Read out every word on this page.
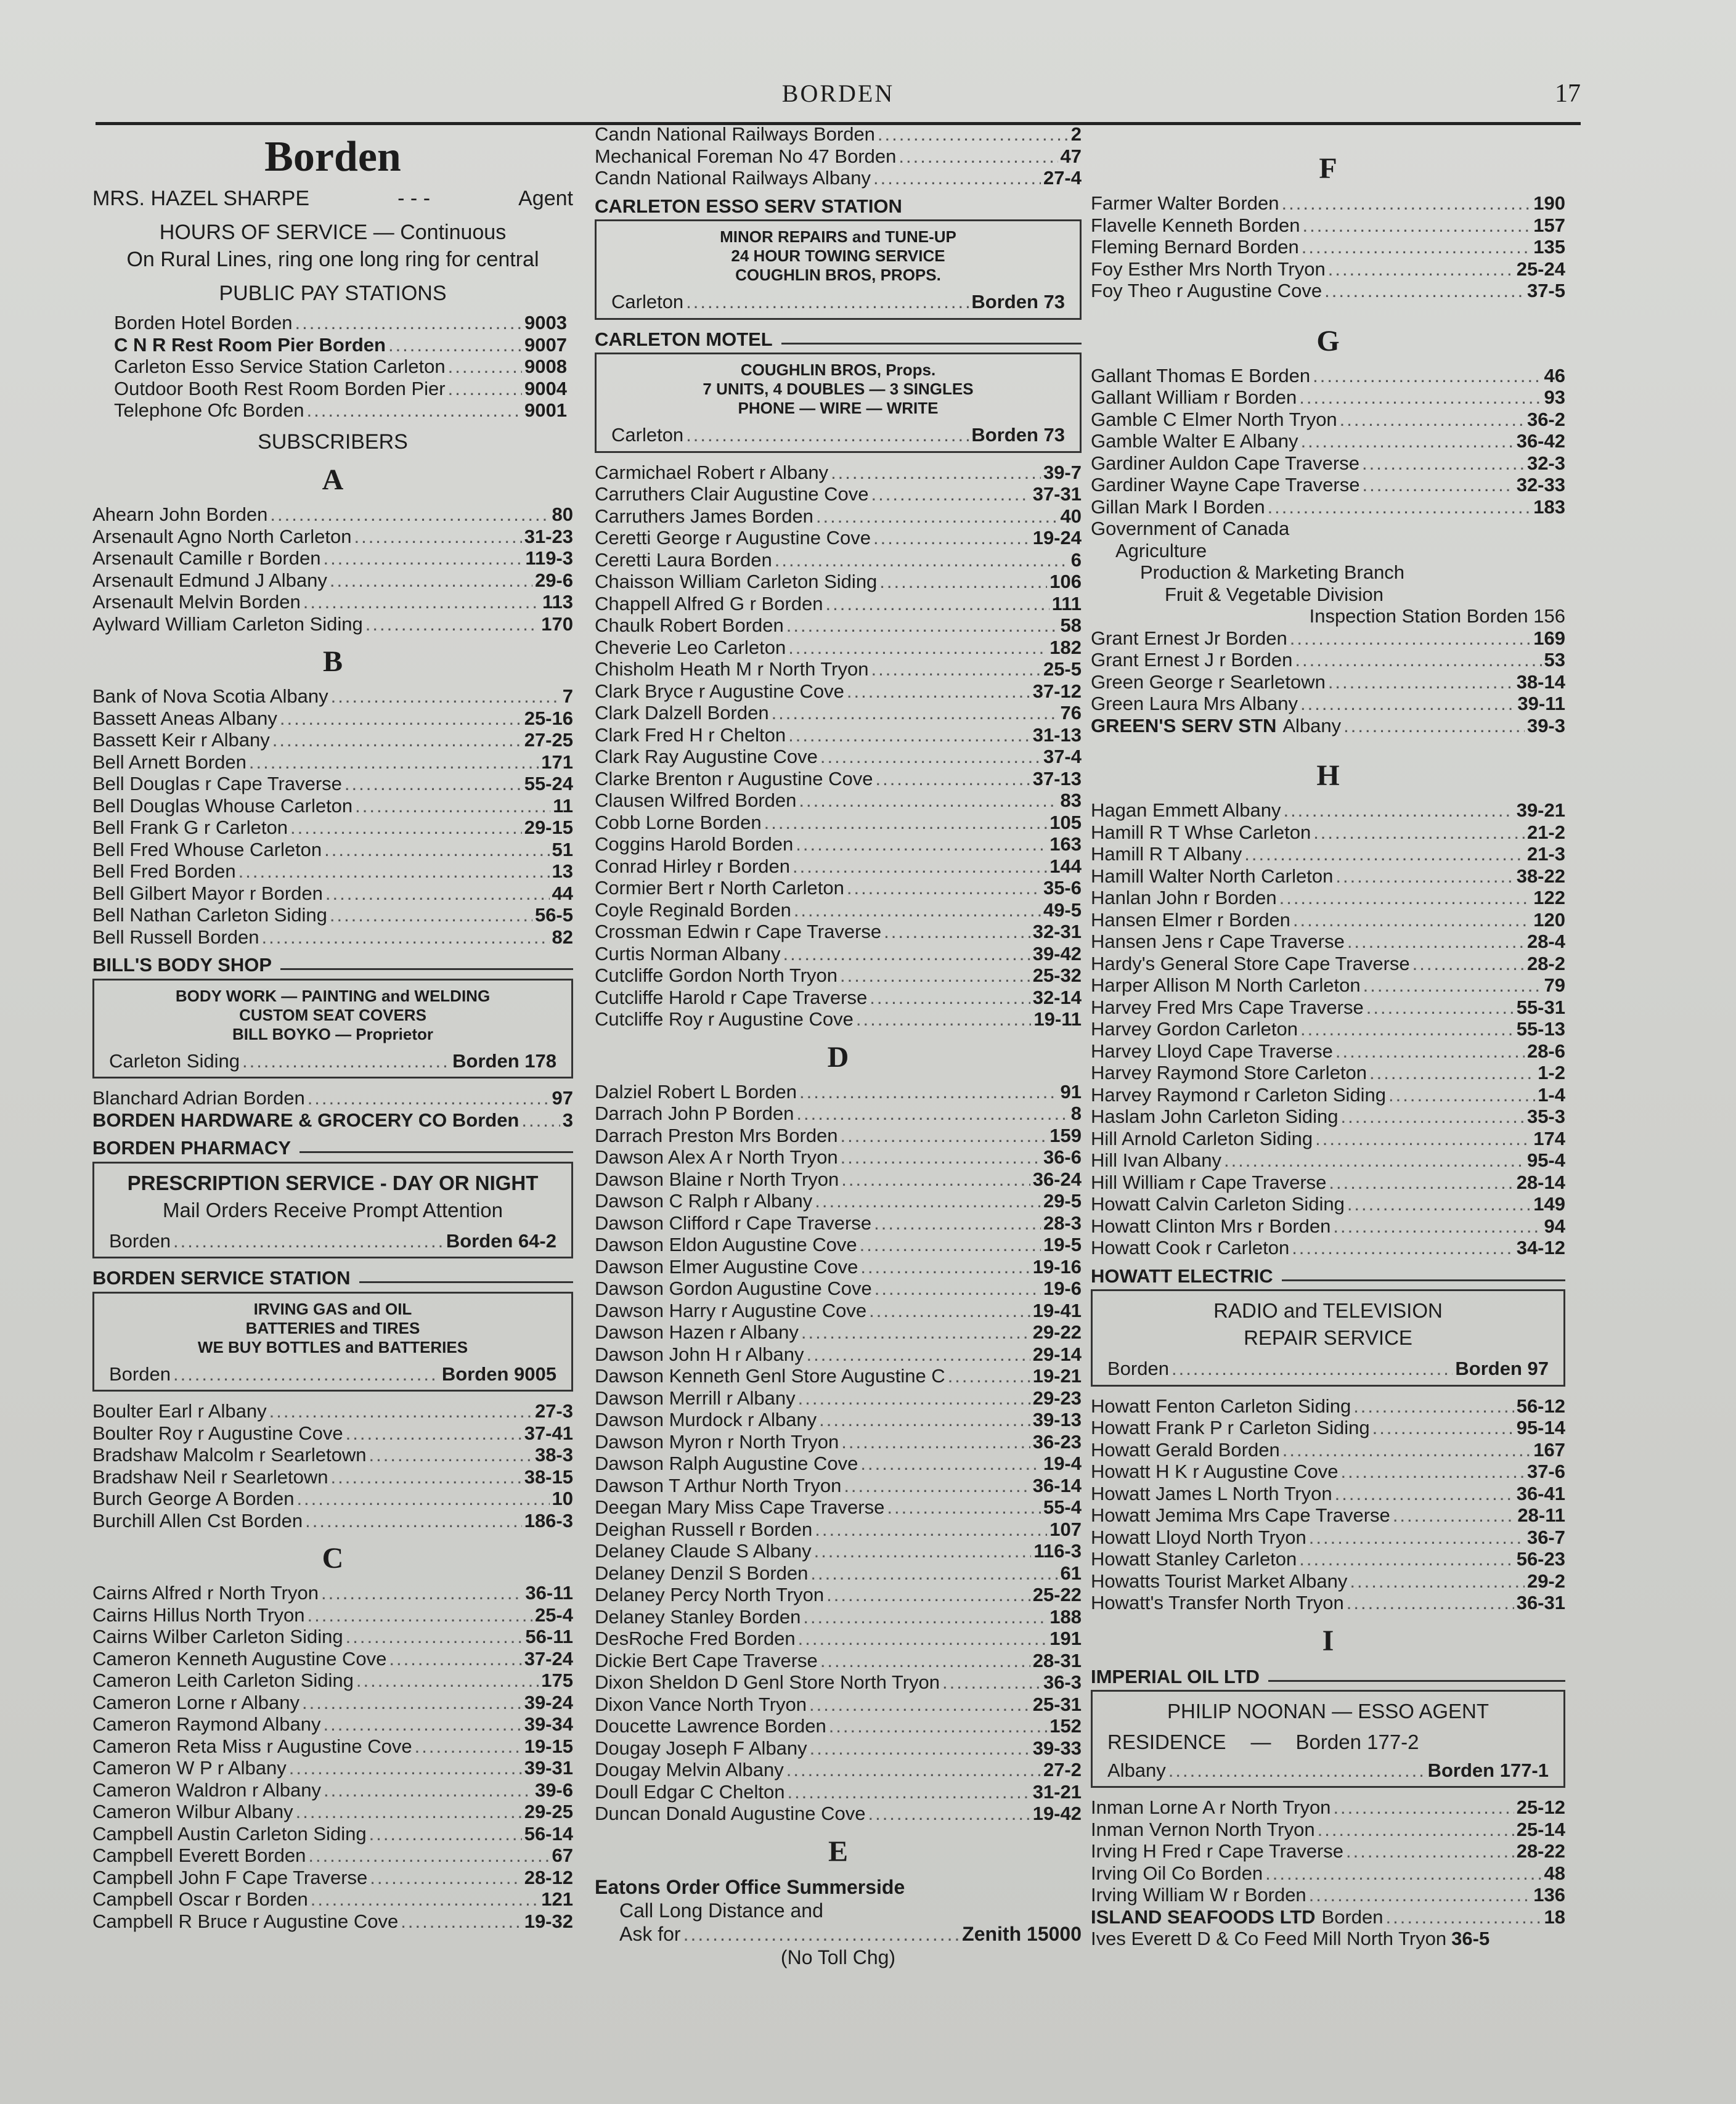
BORDEN	17
Borden
MRS. HAZEL SHARPE	- - -	Agent
HOURS OF SERVICE — Continuous
On Rural Lines, ring one long ring for central
PUBLIC PAY STATIONS
Borden Hotel Borden .....	9003
C N R Rest Room Pier Borden .....	9007
Carleton Esso Service Station Carleton .....	9008
Outdoor Booth Rest Room Borden Pier .....	9004
Telephone Ofc Borden .....	9001
SUBSCRIBERS
A
Ahearn John Borden .....	80
Arsenault Agno North Carleton .....	31-23
Arsenault Camille r Borden .....	119-3
Arsenault Edmund J Albany .....	29-6
Arsenault Melvin Borden .....	113
Aylward William Carleton Siding .....	170
B
Bank of Nova Scotia Albany .....	7
Bassett Aneas Albany .....	25-16
Bassett Keir r Albany .....	27-25
Bell Arnett Borden .....	171
Bell Douglas r Cape Traverse .....	55-24
Bell Douglas Whouse Carleton .....	11
Bell Frank G r Carleton .....	29-15
Bell Fred Whouse Carleton .....	51
Bell Fred Borden .....	13
Bell Gilbert Mayor r Borden .....	44
Bell Nathan Carleton Siding .....	56-5
Bell Russell Borden .....	82
BILL'S BODY SHOP
BODY WORK — PAINTING and WELDING
CUSTOM SEAT COVERS
BILL BOYKO — Proprietor
Carleton Siding .....	Borden 178
Blanchard Adrian Borden .....	97
BORDEN HARDWARE & GROCERY CO Borden ..... 3
BORDEN PHARMACY
PRESCRIPTION SERVICE - DAY OR NIGHT
Mail Orders Receive Prompt Attention
Borden .....	Borden 64-2
BORDEN SERVICE STATION
IRVING GAS and OIL
BATTERIES and TIRES
WE BUY BOTTLES and BATTERIES
Borden .....	Borden 9005
Boulter Earl r Albany .....	27-3
Boulter Roy r Augustine Cove .....	37-41
Bradshaw Malcolm r Searletown .....	38-3
Bradshaw Neil r Searletown .....	38-15
Burch George A Borden .....	10
Burchill Allen Cst Borden .....	186-3
C
Cairns Alfred r North Tryon .....	36-11
Cairns Hillus North Tryon .....	25-4
Cairns Wilber Carleton Siding .....	56-11
Cameron Kenneth Augustine Cove .....	37-24
Cameron Leith Carleton Siding .....	175
Cameron Lorne r Albany .....	39-24
Cameron Raymond Albany .....	39-34
Cameron Reta Miss r Augustine Cove .....	19-15
Cameron W P r Albany .....	39-31
Cameron Waldron r Albany .....	39-6
Cameron Wilbur Albany .....	29-25
Campbell Austin Carleton Siding .....	56-14
Campbell Everett Borden .....	67
Campbell John F Cape Traverse .....	28-12
Campbell Oscar r Borden .....	121
Campbell R Bruce r Augustine Cove .....	19-32
Candn National Railways Borden .....	2
Mechanical Foreman No 47 Borden .....	47
Candn National Railways Albany .....	27-4
CARLETON ESSO SERV STATION
MINOR REPAIRS and TUNE-UP
24 HOUR TOWING SERVICE
COUGHLIN BROS, PROPS.
Carleton .....	Borden 73
CARLETON MOTEL
COUGHLIN BROS, Props.
7 UNITS, 4 DOUBLES — 3 SINGLES
PHONE — WIRE — WRITE
Carleton .....	Borden 73
Carmichael Robert r Albany .....	39-7
Carruthers Clair Augustine Cove .....	37-31
Carruthers James Borden .....	40
Ceretti George r Augustine Cove .....	19-24
Ceretti Laura Borden .....	6
Chaisson William Carleton Siding .....	106
Chappell Alfred G r Borden .....	111
Chaulk Robert Borden .....	58
Cheverie Leo Carleton .....	182
Chisholm Heath M r North Tryon .....	25-5
Clark Bryce r Augustine Cove .....	37-12
Clark Dalzell Borden .....	76
Clark Fred H r Chelton .....	31-13
Clark Ray Augustine Cove .....	37-4
Clarke Brenton r Augustine Cove .....	37-13
Clausen Wilfred Borden .....	83
Cobb Lorne Borden .....	105
Coggins Harold Borden .....	163
Conrad Hirley r Borden .....	144
Cormier Bert r North Carleton .....	35-6
Coyle Reginald Borden .....	49-5
Crossman Edwin r Cape Traverse .....	32-31
Curtis Norman Albany .....	39-42
Cutcliffe Gordon North Tryon .....	25-32
Cutcliffe Harold r Cape Traverse .....	32-14
Cutcliffe Roy r Augustine Cove .....	19-11
D
Dalziel Robert L Borden .....	91
Darrach John P Borden .....	8
Darrach Preston Mrs Borden .....	159
Dawson Alex A r North Tryon .....	36-6
Dawson Blaine r North Tryon .....	36-24
Dawson C Ralph r Albany .....	29-5
Dawson Clifford r Cape Traverse .....	28-3
Dawson Eldon Augustine Cove .....	19-5
Dawson Elmer Augustine Cove .....	19-16
Dawson Gordon Augustine Cove .....	19-6
Dawson Harry r Augustine Cove .....	19-41
Dawson Hazen r Albany .....	29-22
Dawson John H r Albany .....	29-14
Dawson Kenneth Genl Store Augustine C .....	19-21
Dawson Merrill r Albany .....	29-23
Dawson Murdock r Albany .....	39-13
Dawson Myron r North Tryon .....	36-23
Dawson Ralph Augustine Cove .....	19-4
Dawson T Arthur North Tryon .....	36-14
Deegan Mary Miss Cape Traverse .....	55-4
Deighan Russell r Borden .....	107
Delaney Claude S Albany .....	116-3
Delaney Denzil S Borden .....	61
Delaney Percy North Tryon .....	25-22
Delaney Stanley Borden .....	188
DesRoche Fred Borden .....	191
Dickie Bert Cape Traverse .....	28-31
Dixon Sheldon D Genl Store North Tryon .....	36-3
Dixon Vance North Tryon .....	25-31
Doucette Lawrence Borden .....	152
Dougay Joseph F Albany .....	39-33
Dougay Melvin Albany .....	27-2
Doull Edgar C Chelton .....	31-21
Duncan Donald Augustine Cove .....	19-42
E
Eatons Order Office Summerside
Call Long Distance and
Ask for .....	Zenith 15000
(No Toll Chg)
F
Farmer Walter Borden .....	190
Flavelle Kenneth Borden .....	157
Fleming Bernard Borden .....	135
Foy Esther Mrs North Tryon .....	25-24
Foy Theo r Augustine Cove .....	37-5
G
Gallant Thomas E Borden .....	46
Gallant William r Borden .....	93
Gamble C Elmer North Tryon .....	36-2
Gamble Walter E Albany .....	36-42
Gardiner Auldon Cape Traverse .....	32-3
Gardiner Wayne Cape Traverse .....	32-33
Gillan Mark I Borden .....	183
Government of Canada
Agriculture
Production & Marketing Branch
Fruit & Vegetable Division
Inspection Station Borden 156
Grant Ernest Jr Borden .....	169
Grant Ernest J r Borden .....	53
Green George r Searletown .....	38-14
Green Laura Mrs Albany .....	39-11
GREEN'S SERV STN Albany .....	39-3
H
Hagan Emmett Albany .....	39-21
Hamill R T Whse Carleton .....	21-2
Hamill R T Albany .....	21-3
Hamill Walter North Carleton .....	38-22
Hanlan John r Borden .....	122
Hansen Elmer r Borden .....	120
Hansen Jens r Cape Traverse .....	28-4
Hardy's General Store Cape Traverse .....	28-2
Harper Allison M North Carleton .....	79
Harvey Fred Mrs Cape Traverse .....	55-31
Harvey Gordon Carleton .....	55-13
Harvey Lloyd Cape Traverse .....	28-6
Harvey Raymond Store Carleton .....	1-2
Harvey Raymond r Carleton Siding .....	1-4
Haslam John Carleton Siding .....	35-3
Hill Arnold Carleton Siding .....	174
Hill Ivan Albany .....	95-4
Hill William r Cape Traverse .....	28-14
Howatt Calvin Carleton Siding .....	149
Howatt Clinton Mrs r Borden .....	94
Howatt Cook r Carleton .....	34-12
HOWATT ELECTRIC
RADIO and TELEVISION
REPAIR SERVICE
Borden .....	Borden 97
Howatt Fenton Carleton Siding .....	56-12
Howatt Frank P r Carleton Siding .....	95-14
Howatt Gerald Borden .....	167
Howatt H K r Augustine Cove .....	37-6
Howatt James L North Tryon .....	36-41
Howatt Jemima Mrs Cape Traverse .....	28-11
Howatt Lloyd North Tryon .....	36-7
Howatt Stanley Carleton .....	56-23
Howatts Tourist Market Albany .....	29-2
Howatt's Transfer North Tryon .....	36-31
I
IMPERIAL OIL LTD
PHILIP NOONAN — ESSO AGENT
RESIDENCE — Borden 177-2
Albany .....	Borden 177-1
Inman Lorne A r North Tryon .....	25-12
Inman Vernon North Tryon .....	25-14
Irving H Fred r Cape Traverse .....	28-22
Irving Oil Co Borden .....	48
Irving William W r Borden .....	136
ISLAND SEAFOODS LTD Borden .....	18
Ives Everett D & Co Feed Mill North Tryon 36-5
